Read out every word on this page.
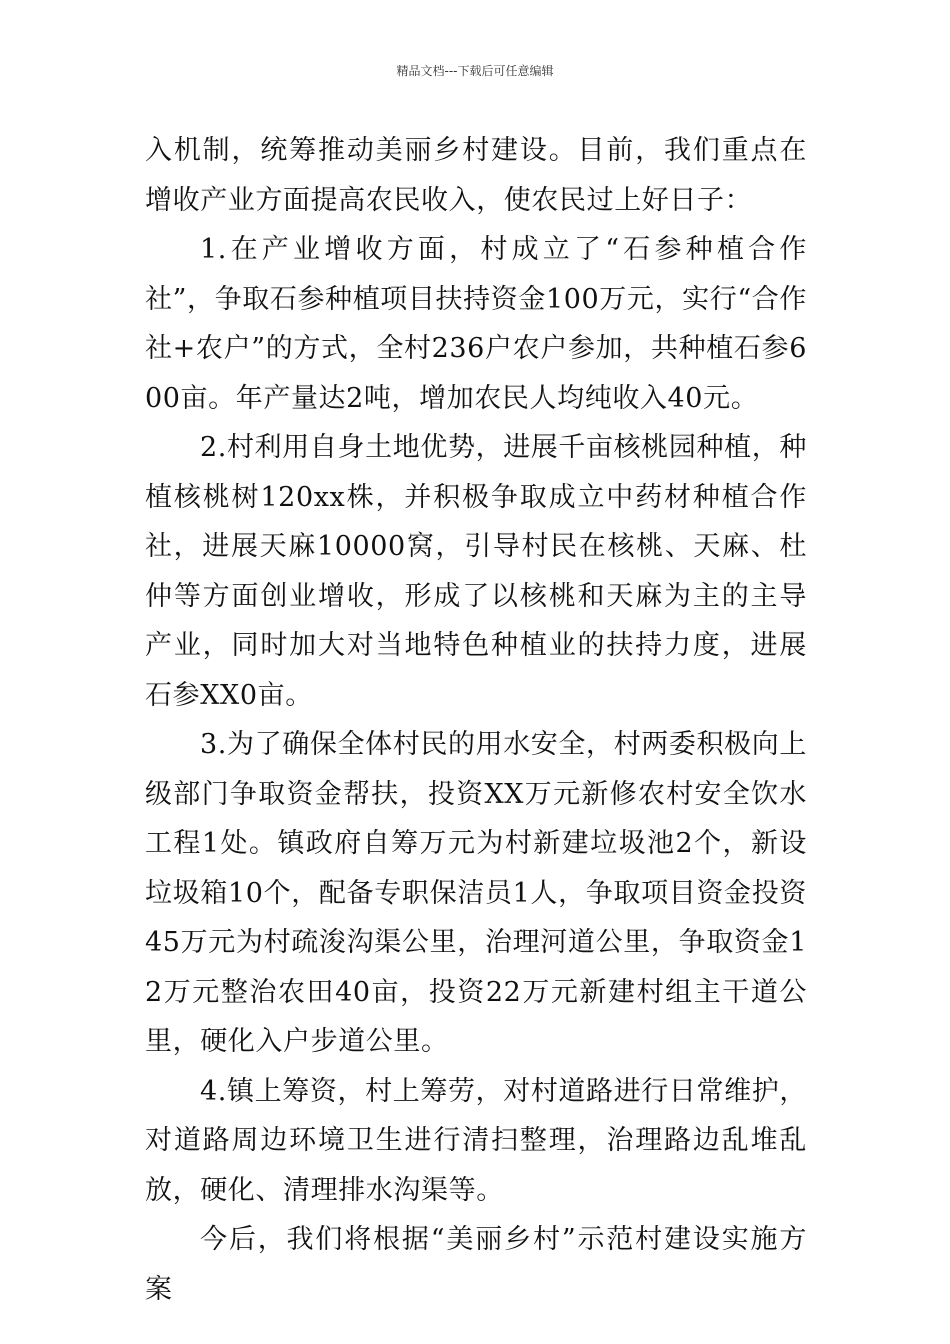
精品文档---下载后可任意编辑

入机制，统筹推动美丽乡村建设。目前，我们重点在增收产业方面提高农民收入，使农民过上好日子：

1.在产业增收方面，村成立了“石参种植合作社”，争取石参种植项目扶持资金100万元，实行“合作社+农户”的方式，全村236户农户参加，共种植石参600亩。年产量达2吨，增加农民人均纯收入40元。

2.村利用自身土地优势，进展千亩核桃园种植，种植核桃树120xx株，并积极争取成立中药材种植合作社，进展天麻10000窝，引导村民在核桃、天麻、杜仲等方面创业增收，形成了以核桃和天麻为主的主导产业，同时加大对当地特色种植业的扶持力度，进展石参XX0亩。

3.为了确保全体村民的用水安全，村两委积极向上级部门争取资金帮扶，投资XX万元新修农村安全饮水工程1处。镇政府自筹万元为村新建垃圾池2个，新设垃圾箱10个，配备专职保洁员1人，争取项目资金投资45万元为村疏浚沟渠公里，治理河道公里，争取资金12万元整治农田40亩，投资22万元新建村组主干道公里，硬化入户步道公里。

4.镇上筹资，村上筹劳，对村道路进行日常维护，对道路周边环境卫生进行清扫整理，治理路边乱堆乱放，硬化、清理排水沟渠等。

今后，我们将根据“美丽乡村”示范村建设实施方案
